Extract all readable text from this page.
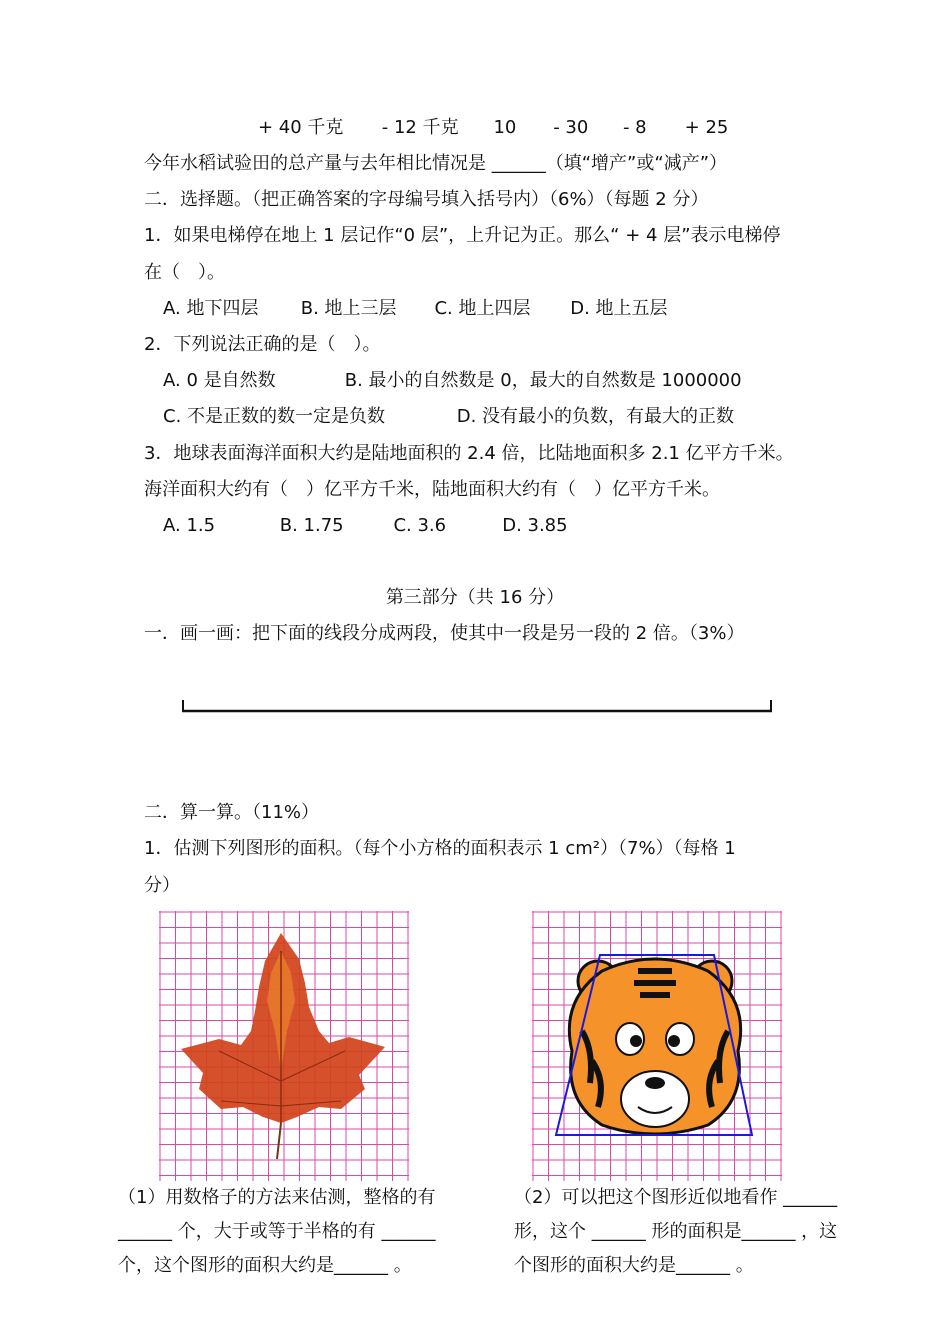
+ 40 千克 - 12 千克 10 - 30 - 8 + 25
今年水稻试验田的总产量与去年相比情况是 ______（填“增产”或“减产”）
二．选择题。（把正确答案的字母编号填入括号内）（6%）（每题 2 分）
1．如果电梯停在地上 1 层记作“0 层”，上升记为正。那么“ + 4 层”表示电梯停
在（　）。
A. 地下四层 B. 地上三层 C. 地上四层 D. 地上五层
2．下列说法正确的是（　）。
A. 0 是自然数	B. 最小的自然数是 0，最大的自然数是 1000000
C. 不是正数的数一定是负数	D. 没有最小的负数，有最大的正数
3．地球表面海洋面积大约是陆地面积的 2.4 倍，比陆地面积多 2.1 亿平方千米。
海洋面积大约有（　）亿平方千米，陆地面积大约有（　）亿平方千米。
A. 1.5	B. 1.75	C. 3.6	D. 3.85
第三部分（共 16 分）
一．画一画：把下面的线段分成两段，使其中一段是另一段的 2 倍。（3%）
二．算一算。（11%）
1．估测下列图形的面积。（每个小方格的面积表示 1 cm²）（7%）（每格 1
分）
（1）用数格子的方法来估测，整格的有
______ 个，大于或等于半格的有 ______
个，这个图形的面积大约是______ 。
（2）可以把这个图形近似地看作 ______
形，这个 ______ 形的面积是______ ，这
个图形的面积大约是______ 。
